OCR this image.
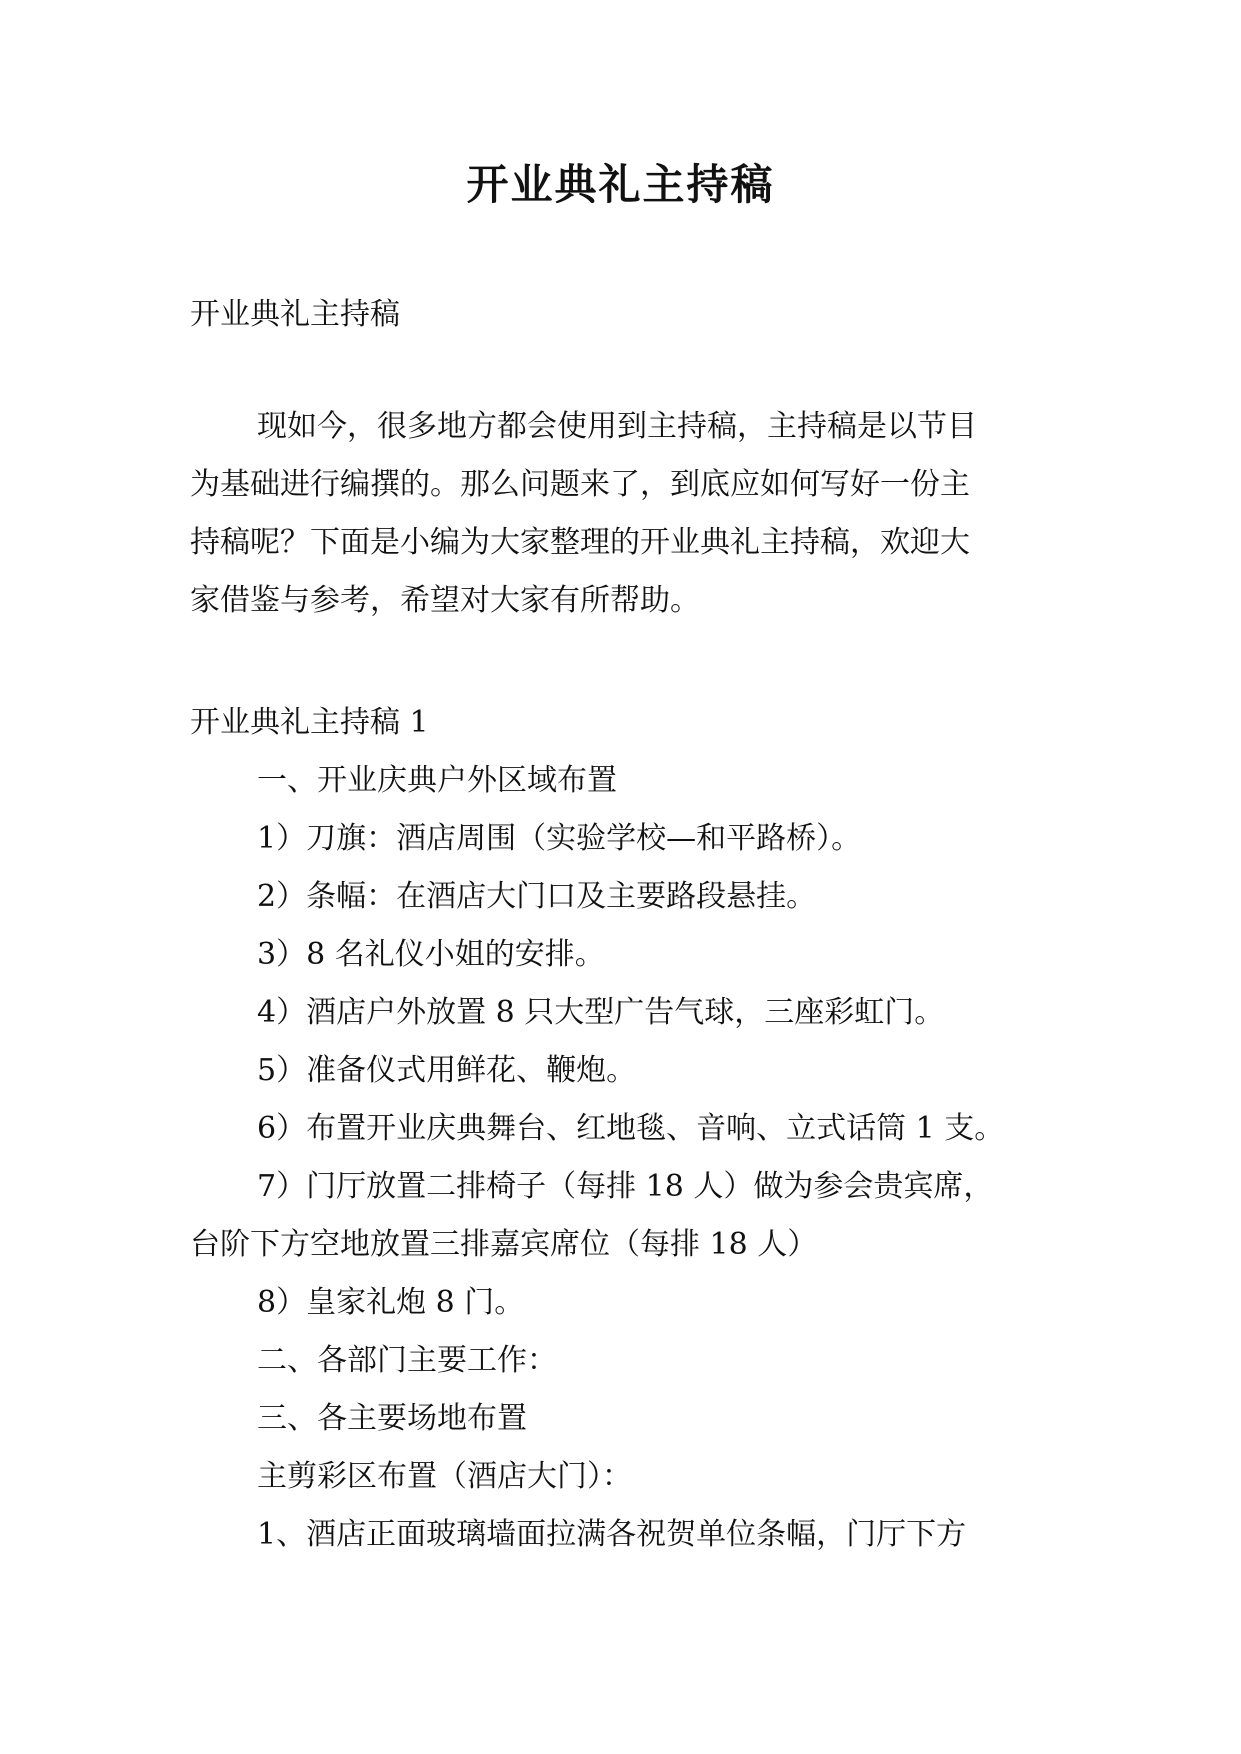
开业典礼主持稿

开业典礼主持稿

现如今，很多地方都会使用到主持稿，主持稿是以节目

为基础进行编撰的。那么问题来了，到底应如何写好一份主

持稿呢？下面是小编为大家整理的开业典礼主持稿，欢迎大

家借鉴与参考，希望对大家有所帮助。

开业典礼主持稿 1

一、开业庆典户外区域布置

1）刀旗：酒店周围（实验学校—和平路桥）。

2）条幅：在酒店大门口及主要路段悬挂。

3）8 名礼仪小姐的安排。

4）酒店户外放置 8 只大型广告气球，三座彩虹门。

5）准备仪式用鲜花、鞭炮。

6）布置开业庆典舞台、红地毯、音响、立式话筒 1 支。

7）门厅放置二排椅子（每排 18 人）做为参会贵宾席，

台阶下方空地放置三排嘉宾席位（每排 18 人）

8）皇家礼炮 8 门。

二、各部门主要工作：

三、各主要场地布置

主剪彩区布置（酒店大门）：

1、酒店正面玻璃墙面拉满各祝贺单位条幅，门厅下方
